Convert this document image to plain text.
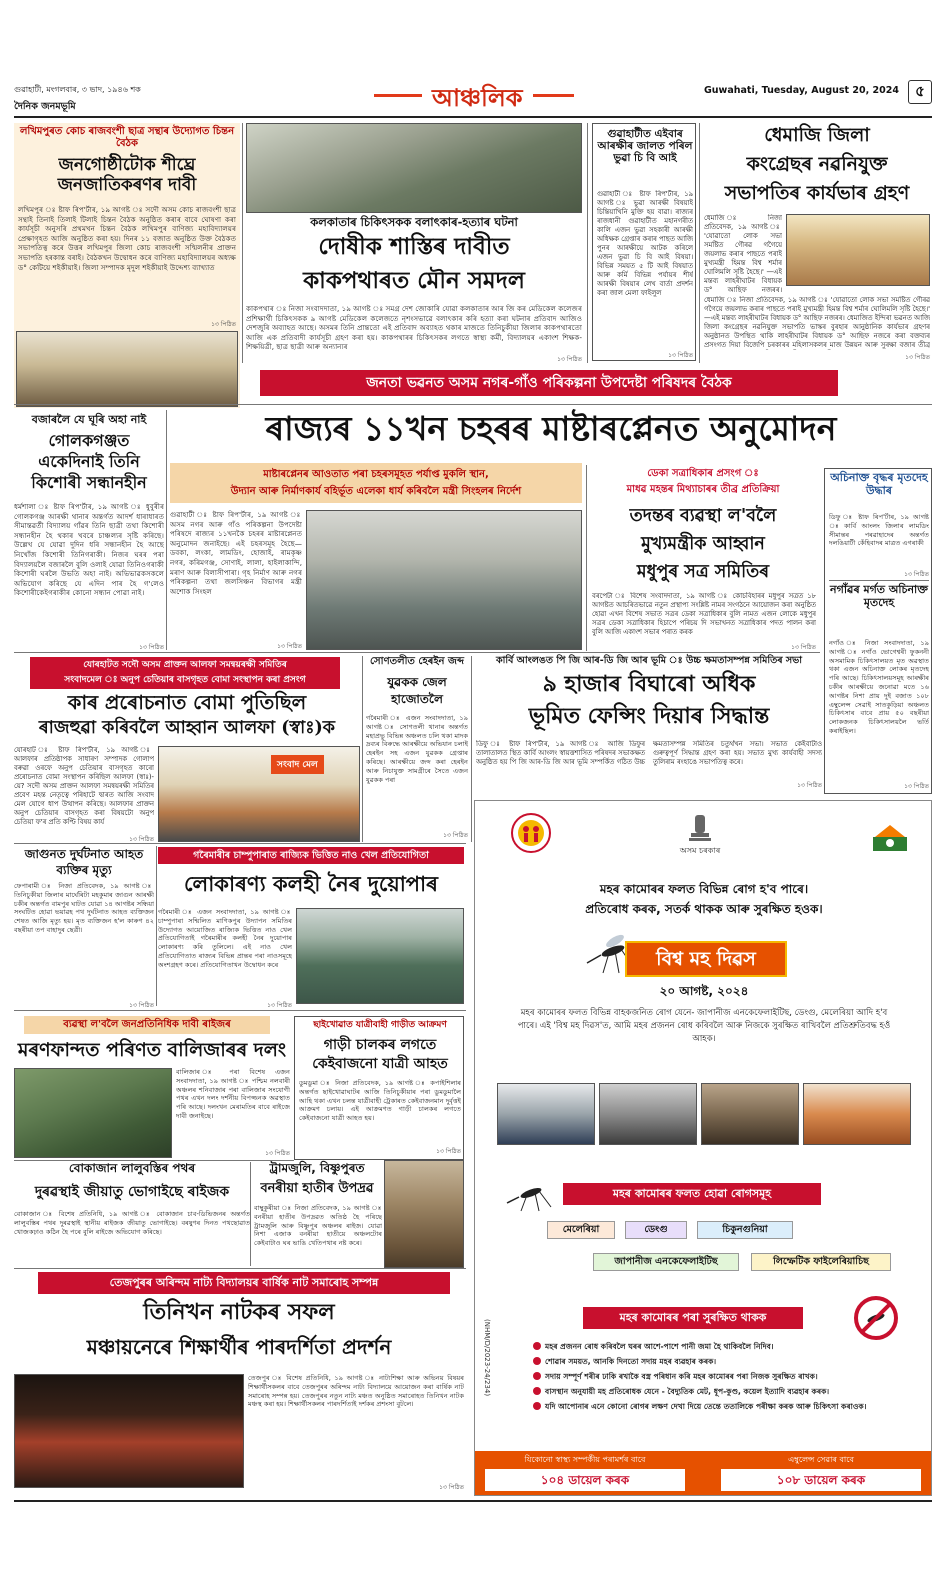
গুৱাহাটী, মংগলবাৰ, ৩ ভাদ, ১৯৪৬ শক
দৈনিক জনমভূমি	আঞ্চলিক	Guwahati, Tuesday, August 20, 2024	৫
লখিমপুৰত কোচ ৰাজবংশী ছাত্ৰ সন্থাৰ উদ্যোগত চিন্তন বৈঠক
জনগোষ্ঠীটোক শীঘ্ৰে জনজাতিকৰণৰ দাবী
লখিমপুৰ ঃ ষ্টাফ ৰিপ'ৰ্টাৰ, ১৯ আগষ্ট ঃ সদৌ অসম কোচ ৰাজবংশী ছাত্ৰ সন্থাই তিনাই তিলাই টিলাই চিন্তন বৈঠক অনুষ্ঠিত কৰাৰ বাবে ঘোষণা কৰা কাৰ্যসূচী অনুসৰি প্ৰথমখন চিন্তন বৈঠক লখিমপুৰ বাণিজ্য মহাবিদ্যালয়ৰ প্ৰেক্ষাগৃহত আজি অনুষ্ঠিত কৰা হয়। দিনৰ ১১ বজাত অনুষ্ঠিত উক্ত বৈঠকত সভাপতিত্ব কৰে উত্তৰ লখিমপুৰ জিলা কোচ ৰাজবংশী সন্মিলনীৰ প্ৰাক্তন সভাপতি হৰকান্ত বৰাই। বৈঠকখন উদ্বোধন কৰে বাণিজ্য মহাবিদ্যালয়ৰ অধ্যক্ষ ড° কেটিয়ে শইকীয়াই। জিলা সম্পাদক মৃদুল শইকীয়াই উদ্দেশ্য ব্যাখ্যাত
১৩ পিঠিত
কলকাতাৰ চিকিৎসকক বলাৎকাৰ-হত্যাৰ ঘটনা
দোষীক শাস্তিৰ দাবীত
কাকপথাৰত মৌন সমদল
কাকপথাৰ ঃ নিজা সংবাদদাতা, ১৯ আগষ্ট ঃ সমগ্ৰ দেশ জোকাৰি যোৱা কলকাতাৰ আৰ জি কৰ মেডিকেল কলেজৰ প্ৰশিক্ষাৰ্থী চিকিৎসকক ৯ আগষ্ট মেডিকেল কলেজতে নৃশংসভাৱে বলাৎকাৰ কৰি হত্যা কৰা ঘটনাৰ প্ৰতিবাদ আজিও দেশজুৰি অব্যাহত আছে। অসমৰ তিনি প্ৰান্ততো এই প্ৰতিবাদ অব্যাহত থকাৰ মাজতে তিনিচুকীয়া জিলাৰ কাকপথাৰতো আজি এক প্ৰতিবাদী কাৰ্যসূচী গ্ৰহণ কৰা হয়। কাকপথাৰৰ চিকিৎসকৰ লগতে স্বাস্থ্য কৰ্মী, বিদ্যালয়ৰ একাংশ শিক্ষক-শিক্ষয়িত্ৰী, ছাত্ৰ ছাত্ৰী আৰু অন্যান্যৰ
১৩ পিঠিত
গুৱাহাটীত এইবাৰ আৰক্ষীৰ জালত পৰিল ভুৱা চি বি আই
গুৱাহাটী ঃ ষ্টাফ ৰিপ'ৰ্টাৰ, ১৯ আগষ্ট ঃ ভুৱা আৰক্ষী বিষয়াই চিন্তিয়াখিনি মুক্তি হয় বাৱা। ৰাজ্যৰ ৰাজধানী গুৱাহাটীত মহানগৰীত কালি এজন ভুৱা সহকাৰী আৰক্ষী অধিক্ষক গ্ৰেপ্তাৰ কৰাৰ পাছত আজি পুনৰ আৰক্ষীয়ে আটক কৰিলে এজন ভুৱা চি বি আই বিষয়া। বিভিন্ন সময়ত ৫ টি আই বিষয়াত আৰু কৰ্মি বিভিন্ন পৰ্যায়ৰ শীৰ্ষ আৰক্ষী বিষয়াৰ লেখ বাৰ্তা প্ৰদৰ্শন কৰা জাল মেলা ফাইলুল
১৩ পিঠিত
ধেমাজি জিলা
কংগ্ৰেছৰ নৱনিযুক্ত
সভাপতিৰ কাৰ্যভাৰ গ্ৰহণ
ধেমাজি ঃ নিজা প্ৰতিবেদক, ১৯ আগষ্ট ঃ 'যোৱাতো লোক সভা সমষ্টিত গৌৰৱ গগৈয়ে জয়লাভ কৰাৰ পাছতে পৰাই মুখ্যমন্ত্ৰী হিমন্ত বিশ্ব শৰ্মাৰ ঘোলিমলি সৃষ্টি হৈছে।' —এই মন্তব্য লাহৰীঘাটৰ বিধায়ক ড° আছিফ নজৰৰ।
ধেমাজি ঃ নিজা প্ৰতিবেদক, ১৯ আগষ্ট ঃ 'যোৱাতো লোক সভা সমষ্টিত গৌৰৱ গগৈয়ে জয়লাভ কৰাৰ পাছতে পৰাই মুখ্যমন্ত্ৰী হিমন্ত বিশ্ব শৰ্মাৰ ঘোলিমলি সৃষ্টি হৈছে।' —এই মন্তব্য লাহৰীঘাটৰ বিধায়ক ড° আছিফ নজৰৰ। ধেমাজিত ইন্দিৰা ভৱনত আজি জিলা কংগ্ৰেছৰ নৱনিযুক্ত সভাপতি ভাস্কৰ বুৰহাৰ আনুষ্ঠানিক কাৰ্যভাৰ গ্ৰহণৰ অনুষ্ঠানত উপস্থিত থাকি লাহৰীঘাটৰ বিধায়ক ড° আছিফ নজৰে কৰা বক্তব্যৰ প্ৰসংগত দিয়া বিজেপি চৰকাৰৰ মহিলাসকলৰ মাজ উন্নয়ন আৰু সুৰক্ষা বজাৰ তীব্ৰ
১৩ পিঠিত
জনতা ভৱনত অসম নগৰ-গাঁও পৰিকল্পনা উপদেষ্টা পৰিষদৰ বৈঠক
বজাৰলৈ যে ঘূৰি অহা নাই
গোলকগঞ্জত একেদিনাই তিনি কিশোৰী সন্ধানহীন
ধৰ্মশালা ঃ ষ্টাফ ৰিপ'ৰ্টাৰ, ১৯ আগষ্ট ঃ ধুবুৰীৰ গোলকগঞ্জ আৰক্ষী থানাৰ অন্তৰ্গত আদৰ্শ ধাৰাধাৰত সীমান্তৱৰ্তী বিদ্যালয় গাঁৱৰ তিনি ছাত্ৰী তথা কিশোৰী সন্ধানহীন হৈ থকাৰ খবৰে চাঞ্চল্যৰ সৃষ্টি কৰিছে। উল্লেখ যে যোৱা দুদিন ধৰি সন্ধানহীন হৈ আছে নিখোঁজ কিশোৰী তিনিগৰাকী। নিজৰ ঘৰৰ পৰা বিদ্যালয়লৈ বজাৰলৈ বুলি ওলাই যোৱা তিনিওগৰাকী কিশোৰী ঘৰলৈ উভতি অহা নাই। অভিভাৱকসকলে অভিযোগ কৰিছে যে এদিন পাৰ হৈ গ'লেও কিশোৰীকেইগৰাকীৰ কোনো সন্ধান পোৱা নাই।
১৩ পিঠিত
ৰাজ্যৰ ১১খন চহৰৰ মাষ্টাৰপ্লেনত অনুমোদন
মাষ্টাৰপ্লেনৰ আওতাত পৰা চহৰসমূহত পৰ্যাপ্ত মুকলি স্থান,
উদ্যান আৰু নিৰ্মাণকাৰ্য বহিৰ্ভূত এলেকা ধাৰ্য কৰিবলৈ মন্ত্ৰী সিংহলৰ নিৰ্দেশ
গুৱাহাটী ঃ ষ্টাফ ৰিপ'ৰ্টাৰ, ১৯ আগষ্ট ঃ অসম নগৰ আৰু গাঁও পৰিকল্পনা উপদেষ্টা পৰিষদে ৰাজ্যৰ ১১খনকৈ চহৰৰ মাষ্টাৰপ্লেনত অনুমোদন জনাইছে। এই চহৰসমূহ হৈছে— ডবকা, লংকা, লামডিং, হোজাই, ৰামকৃষ্ণ নগৰ, কৰিমগঞ্জ, সোণাই, লালা, হাইলাকান্দি, মৰাণ আৰু বিলাসীপাৰা। গৃহ নিৰ্মাণ আৰু নগৰ পৰিকল্পনা তথা জলসিঞ্চন বিভাগৰ মন্ত্ৰী অশোক সিংহল
১৩ পিঠিত
ডেকা সত্ৰাধিকাৰ প্ৰসংগ ঃ
মাধৱ মহন্তৰ মিথ্যাচাৰৰ তীব্ৰ প্ৰতিক্ৰিয়া
তদন্তৰ ব্যৱস্থা ল'বলৈ
মুখ্যমন্ত্ৰীক আহ্বান
মধুপুৰ সত্ৰ সমিতিৰ
বৰপেটা ঃ বিশেষ সংবাদদাতা, ১৯ আগষ্ট ঃ কোচবিহাৰৰ মধুপুৰ সত্ৰত ১৮ আগষ্টত আচৰিতভাৱে নতুন প্ৰস্থাপ্য সংশ্লিষ্ট নামৰ সংগঠনে আয়োজন কৰা অনুষ্ঠিত হোৱা এখন বিশেষ সভাত সত্ৰৰ ডেকা সত্ৰাধিকাৰ বুলি নামত এজন লোকে মধুপুৰ সত্ৰৰ ডেকা সত্ৰাধিকাৰ হিচাপে পৰিচয় দি সভাখনত সত্ৰাধিকাৰ পদত পালন কৰা বুলি আজি একাংশ সভাৰ পৰাত কৰক
১৩ পিঠিত
অচিনাক্ত বৃদ্ধৰ মৃতদেহ উদ্ধাৰ
ডিফু ঃ ষ্টাফ ৰিপ'ৰ্টাৰ, ১৯ আগষ্ট ঃ কাৰ্বি আংলং জিলাৰ লামডিং সীমান্তৰ পৰৱাহাদেৰ অন্তৰ্গত দলঙিয়াটী কেঁহিবাদৰ মাত্ৰত এগৰাকী
১৩ পিঠিত
নগাঁৱৰ মৰ্গত অচিনাক্ত মৃতদেহ
নগাঁও ঃ নিজা সংবাদদাতা, ১৯ আগষ্ট ঃ নগাঁও ভোগেশ্বৰী ফুকননী অসমামিক চিকিৎসালয়ত মৃত অৱস্থাত থকা এজন অচিনাক্ত লোকৰ মৃতদেহ পৰি আছে। চিকিৎসালয়সমূহ আৰক্ষীৰ চকীৰ আৰক্ষীয়ে জনোৱা মতে ১৬ আগষ্টৰ নিশা প্ৰায় দুই বজাত ১০৮ এম্বুলেন্স সেৱাই সাতকুড়িয়া অঞ্চলত চিকিৎসাৰ বাবে প্ৰায় ৫০ বছৰীয়া লোকজনক চিকিৎসালয়লৈ ভৰ্তি কৰাইছিল।
১৩ পিঠিত
যোৰহাটত সদৌ অসম প্ৰাক্তন আলফা সমন্বয়ৰক্ষী সমিতিৰ
সংবাদমেল ঃ অনুপ চেতিয়াৰ বাসগৃহত বোমা সংস্থাপন কৰা প্ৰসংগ
কাৰ প্ৰৰোচনাত বোমা পুতিছিল
ৰাজহুৱা কৰিবলৈ আহ্বান আলফা (স্বাঃ)ক
যোৰহাট ঃ ষ্টাফ ৰিপ'ৰ্টাৰ, ১৯ আগষ্ট ঃ আলফাৰ প্ৰতিষ্ঠাপক সাধাৰণ সম্পাদক গোলাপ বৰুৱা ওৰফে অনুপ চেতিয়াৰ বাসগৃহত কাৰো প্ৰৰোচনাত বোমা সংস্থাপন কৰিছিল আলফা (স্বাঃ)-য়ে? সদৌ অসম প্ৰাক্তন আলফা সমন্বয়ৰক্ষী সমিতিৰ প্ৰবেণ মহন্ত নেতৃত্বে পৰিহাটে দ্বাৰত আজি সংবাদ মেল যোগে ধাপ উত্থাপন কৰিছে। আলফাৰ প্ৰাক্তন অনুপ চেতিয়াৰ বাসগৃহত কৰা বিষয়টো অনুপ চেতিয়া ফ'ৰ প্ৰতি কপ্টি বিষয় কাৰ্য
১৩ পিঠিত
সংবাদ মেল
সোণতলীত হেৰইন জব্দ
যুৱকক জেল হাজোতলৈ
গৰৈমাৰী ঃ এজন সংবাদদাতা, ১৯ আগষ্ট ঃ সোণতলী থানাৰ অন্তৰ্গত মহাপ্ৰভু বিভিন্ন অঞ্চলত চলি থকা মাদক দ্ৰব্যৰ বিৰুদ্ধে আৰক্ষীয়ে অভিযান চলাই হেৰইন সহ এজন যুৱকক গ্ৰেপ্তাৰ কৰিছে। আৰক্ষীয়ে জব্দ কৰা হেৰইন আৰু নিচাযুক্ত সামগ্ৰীৰে সৈতে এজন যুৱকক পৰা
১৩ পিঠিত
কাৰ্বি আংলঙত পি জি আৰ-ডি জি আৰ ভূমি ঃ উচ্চ ক্ষমতাসম্পন্ন সমিতিৰ সভা
৯ হাজাৰ বিঘাৰো অধিক
ভূমিত ফেন্সিং দিয়াৰ সিদ্ধান্ত
ডিফু ঃ ষ্টাফ ৰিপ'ৰ্টাৰ, ১৯ আগষ্ট ঃ আজি ডিফুৰ তালাতালত স্থিত কাৰ্বি আংলং স্বায়ত্তশাসিত পৰিষদৰ সভাকক্ষত অনুষ্ঠিত হয় পি জি আৰ-ডি জি আৰ ভূমি সম্পৰ্কিত গঠিত উচ্চ ক্ষমতাসম্পন্ন সমিতিৰ চতুৰ্থখন সভা। সভাত কেইবাটাও গুৰুত্বপূৰ্ণ সিদ্ধান্ত গ্ৰহণ কৰা হয়। সভাত মুখ্য কাৰ্যবাহী সদস্য তুলিৰাম ৰংহাঙে সভাপতিত্ব কৰে।
১৩ পিঠিত
জাগুনত দুৰ্ঘটনাত আহত ব্যক্তিৰ মৃত্যু
ফেপাৰামী ঃ নিজা প্ৰতিবেদক, ১৯ আগষ্ট ঃ তিনিচুকীয়া জিলাৰ মাৰ্ঘেৰিটা মহকুমাৰ জাগুন আৰক্ষী চকীৰ অন্তৰ্গত বামপুৰ ঘাটত যোৱা ১৪ আগষ্টৰ সন্ধিয়া সংঘটিত হোৱা ভয়াৱহ পথ দুৰ্ঘটনাত আহত ব্যক্তিজন শেষত আজি মৃত্যু হয়। মৃত ব্যক্তিজন হ'ল কাৰুণ ৪২ বছৰীয়া তপ বাহাদুৰ ছেত্ৰী।
১৩ পিঠিত
গৰৈমাৰীৰ চাম্পুপাৰাত ৰাজ্যিক ভিত্তিত নাও খেল প্ৰতিযোগিতা
লোকাৰণ্য কলহী নৈৰ দুয়োপাৰ
গৰৈমাৰী ঃ এজন সংবাদদাতা, ১৯ আগষ্ট ঃ চাম্পুপাৰা সন্মিলিত মাণিকপুৰ উদ্যাপন সমিতিৰ উদ্যোগত আয়োজিত ৰাজ্যিক ভিত্তিত নাও খেল প্ৰতিযোগিতাই গৰৈমাৰীৰ কলহী নৈৰ দুয়োপাৰ লোকাৰণ্য কৰি তুলিলে। এই নাও খেল প্ৰতিযোগিতাত ৰাজ্যৰ বিভিন্ন প্ৰান্তৰ পৰা নাওসমূহে অংশগ্ৰহণ কৰে। প্ৰতিযোগিতাখন উদ্বোধন কৰে
১৩ পিঠিত
ব্যৱস্থা ল'বলৈ জনপ্ৰতিনিধিক দাবী ৰাইজৰ
মৰণফান্দত পৰিণত বালিজাৰৰ দলং
বালিজাৰ ঃ পৰা বিশেষ এজন সংবাদদাতা, ১৯ আগষ্ট ঃ পশ্চিম নলবাৰী অঞ্চলৰ শনিবাজাৰ পৰা বালিজাৰ সংযোগী পথৰ এখন দলং দৰ্শনীয় বিপজ্জনক অৱস্থাত পৰি আছে। দলংখন মেৰামতিৰ বাবে ৰাইজে দাবী জনাইছে।
১৩ পিঠিত
ছাইখোৱাত যাত্ৰীবাহী গাড়ীত আক্ৰমণ
গাড়ী চালকৰ লগতে
কেইবাজনো যাত্ৰী আহত
ডুমডুমা ঃ নিজা প্ৰতিবেদক, ১৯ আগষ্ট ঃ কপাইশিলাৰ অন্তৰ্গত ছাইখোৱাঘাটৰ আজি তিনিচুকীয়াৰ পৰা ডুমডুমালৈ আহি থকা এখন চলন্ত যাত্ৰীবাহী ট্ৰেকাৰত কেইবাজনমান দুৰ্বৃত্তই আক্ৰমণ চলায়। এই আক্ৰমণত গাড়ী চালকৰ লগতে কেইবাজনো যাত্ৰী আহত হয়।
১৩ পিঠিত
বোকাজান লালুবস্তিৰ পথৰ
দুৰৱস্থাই জীয়াতু ভোগাইছে ৰাইজক
বোকাজান ঃ বিশেষ প্ৰতিনিধি, ১৯ আগষ্ট ঃ বোকাজান চাব-ডিভিজনৰ অন্তৰ্গত লালুবস্তিৰ পথৰ দুৰৱস্থাই স্থানীয় ৰাইজক জীয়াতু ভোগাইছে। বৰষুণৰ দিনত পথছোৱাত খোজকঢ়াও কঠিন হৈ পৰে বুলি ৰাইজে অভিযোগ কৰিছে।
ট্ৰামজুলি, বিষ্ণুপুৰত
বনৰীয়া হাতীৰ উপদ্ৰৱ
বাম্বুকুৰীয়া ঃ নিজা প্ৰতিবেদক, ১৯ আগষ্ট ঃ বনৰীয়া হাতীৰ উপদ্ৰৱত অতিষ্ঠ হৈ পৰিছে ট্ৰামজুলি আৰু বিষ্ণুপুৰ অঞ্চলৰ ৰাইজ। যোৱা নিশা এজাক বনৰীয়া হাতীয়ে অঞ্চলটোৰ কেইবাটাও ঘৰ ভাঙি খেতিপথাৰ নষ্ট কৰে।
তেজপুৰৰ অৰিন্দম নাট্য বিদ্যালয়ৰ বাৰ্ষিক নাট সমাৰোহ সম্পন্ন
তিনিখন নাটকৰ সফল
মঞ্চায়নেৰে শিক্ষাৰ্থীৰ পাৰদৰ্শিতা প্ৰদৰ্শন
তেজপুৰ ঃ বিশেষ প্ৰতিনিধি, ১৯ আগষ্ট ঃ নাট্যশিক্ষা আৰু অভিনয় বিষয়ৰ শিক্ষাৰ্থীসকলৰ বাবে তেজপুৰৰ অৰিন্দম নাট্য বিদ্যালয়ে আয়োজন কৰা বাৰ্ষিক নাট সমাৰোহ সম্পন্ন হয়। তেজপুৰৰ নতুন নাট্য মঞ্চত অনুষ্ঠিত সমাৰোহত তিনিখন নাটক মঞ্চস্থ কৰা হয়। শিক্ষাৰ্থীসকলৰ পাৰদৰ্শিতাই দৰ্শকৰ প্ৰশংসা বুটলে।
১৩ পিঠিত
অসম চৰকাৰ
মহৰ কামোৰৰ ফলত বিভিন্ন ৰোগ হ'ব পাৰে।
প্ৰতিৰোধ কৰক, সতৰ্ক থাকক আৰু সুৰক্ষিত হওক।
বিশ্ব মহ দিৱস
২০ আগষ্ট, ২০২৪
মহৰ কামোৰৰ ফলত বিভিন্ন বাহকজনিত ৰোগ যেনে- জাপানীজ এনকেফেলাইটিছ, ডেংগু, মেলেৰিয়া আদি হ'ব পাৰে। এই 'বিশ্ব মহ দিৱস'ত, আমি মহৰ প্ৰজনন ৰোধ কৰিবলৈ আৰু নিজকে সুৰক্ষিত ৰাখিবলৈ প্ৰতিশ্ৰুতিবদ্ধ হওঁ আহক।
মহৰ কামোৰৰ ফলত হোৱা ৰোগসমূহ
মেলেৰিয়া	ডেংগু	চিকুনগুনিয়া
জাপানীজ এনকেফেলাইটিছ	লিম্ফেটিক ফাইলেৰিয়াচিছ
মহৰ কামোৰৰ পৰা সুৰক্ষিত থাকক
মহৰ প্ৰজনন ৰোধ কৰিবলৈ ঘৰৰ আশে-পাশে পানী জমা হৈ থাকিবলৈ নিদিব।
শোৱাৰ সময়ত, আনকি দিনতো সদায় মহৰ ব্যৱহাৰ কৰক।
সদায় সম্পূৰ্ণ শৰীৰ ঢাকি ৰখাকৈ বস্ত্ৰ পৰিধান কৰি মহৰ কামোৰৰ পৰা নিজক সুৰক্ষিত ৰাখক।
বাসস্থান অনুযায়ী মহ প্ৰতিৰোধক যেনে - বৈদ্যুতিক মেট, ধূপ-কুণ্ড, কয়েল ইত্যাদি ব্যৱহাৰ কৰক।
যদি আপোনাৰ এনে কোনো ৰোগৰ লক্ষণ দেখা দিয়ে তেন্তে ততালিকে পৰীক্ষা কৰক আৰু চিকিৎসা কৰাওক।
(NHM/D/2023-24/234)
যিকোনো স্বাস্থ্য সম্পৰ্কীয় পৰামৰ্শৰ বাবে
১০৪ ডায়েল কৰক
এম্বুলেন্স সেৱাৰ বাবে
১০৮ ডায়েল কৰক
